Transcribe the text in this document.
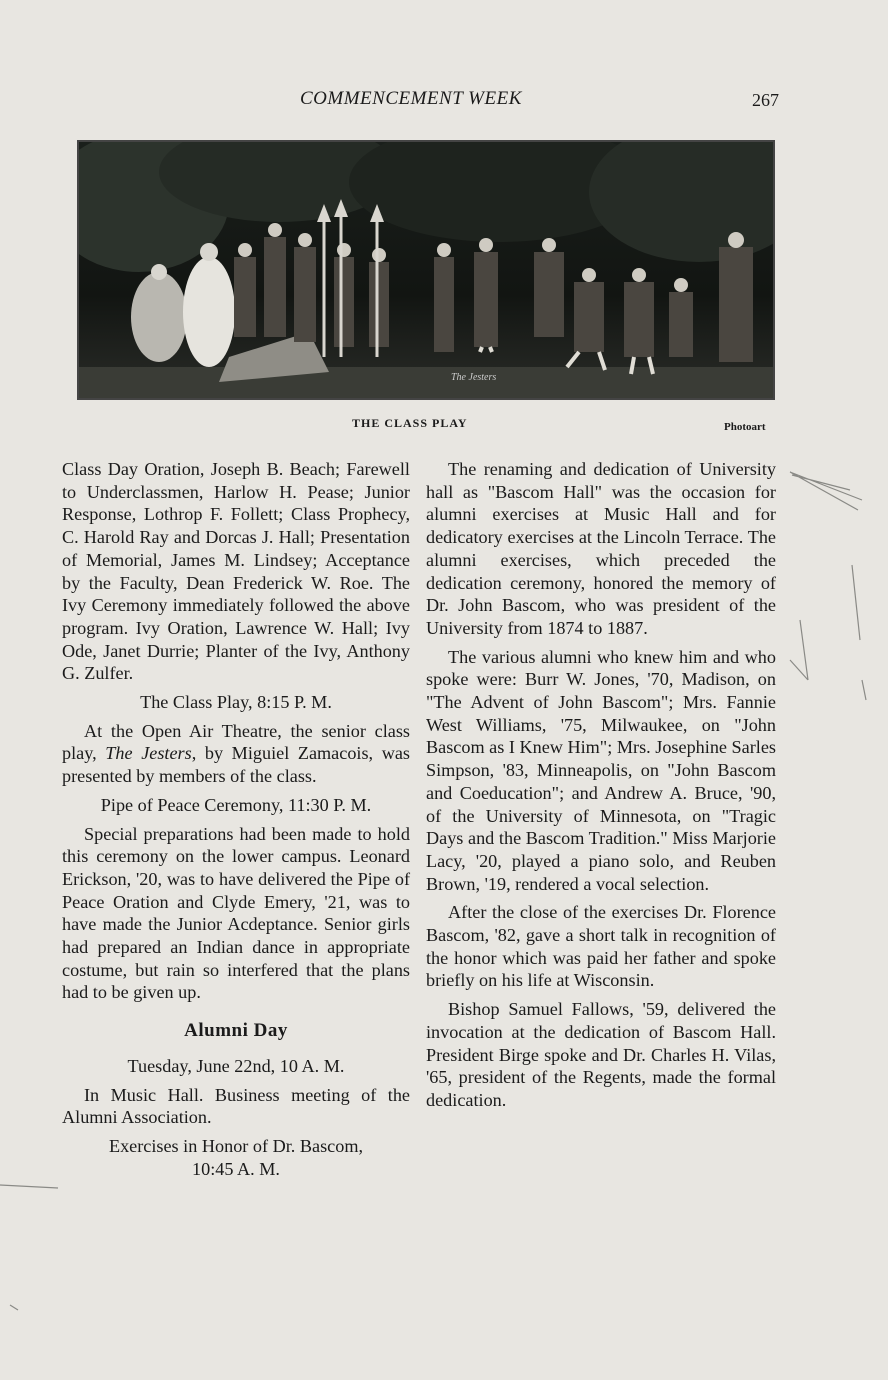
COMMENCEMENT WEEK	267
The Jesters
THE CLASS PLAY	Photoart

Class Day Oration, Joseph B. Beach; Farewell to Underclassmen, Harlow H. Pease; Junior Response, Lothrop F. Follett; Class Prophecy, C. Harold Ray and Dorcas J. Hall; Presentation of Memorial, James M. Lindsey; Acceptance by the Faculty, Dean Frederick W. Roe. The Ivy Ceremony immediately followed the above program. Ivy Oration, Lawrence W. Hall; Ivy Ode, Janet Durrie; Planter of the Ivy, Anthony G. Zulfer.

The Class Play, 8:15 P. M.

At the Open Air Theatre, the senior class play, The Jesters, by Miguiel Zamacois, was presented by members of the class.

Pipe of Peace Ceremony, 11:30 P. M.

Special preparations had been made to hold this ceremony on the lower campus. Leonard Erickson, '20, was to have delivered the Pipe of Peace Oration and Clyde Emery, '21, was to have made the Junior Acdeptance. Senior girls had prepared an Indian dance in appropriate costume, but rain so interfered that the plans had to be given up.

Alumni Day

Tuesday, June 22nd, 10 A. M.

In Music Hall. Business meeting of the Alumni Association.

Exercises in Honor of Dr. Bascom,
10:45 A. M.

The renaming and dedication of University hall as "Bascom Hall" was the occasion for alumni exercises at Music Hall and for dedicatory exercises at the Lincoln Terrace. The alumni exercises, which preceded the dedication ceremony, honored the memory of Dr. John Bascom, who was president of the University from 1874 to 1887.

The various alumni who knew him and who spoke were: Burr W. Jones, '70, Madison, on "The Advent of John Bascom"; Mrs. Fannie West Williams, '75, Milwaukee, on "John Bascom as I Knew Him"; Mrs. Josephine Sarles Simpson, '83, Minneapolis, on "John Bascom and Coeducation"; and Andrew A. Bruce, '90, of the University of Minnesota, on "Tragic Days and the Bascom Tradition." Miss Marjorie Lacy, '20, played a piano solo, and Reuben Brown, '19, rendered a vocal selection.

After the close of the exercises Dr. Florence Bascom, '82, gave a short talk in recognition of the honor which was paid her father and spoke briefly on his life at Wisconsin.

Bishop Samuel Fallows, '59, delivered the invocation at the dedication of Bascom Hall. President Birge spoke and Dr. Charles H. Vilas, '65, president of the Regents, made the formal dedication.
